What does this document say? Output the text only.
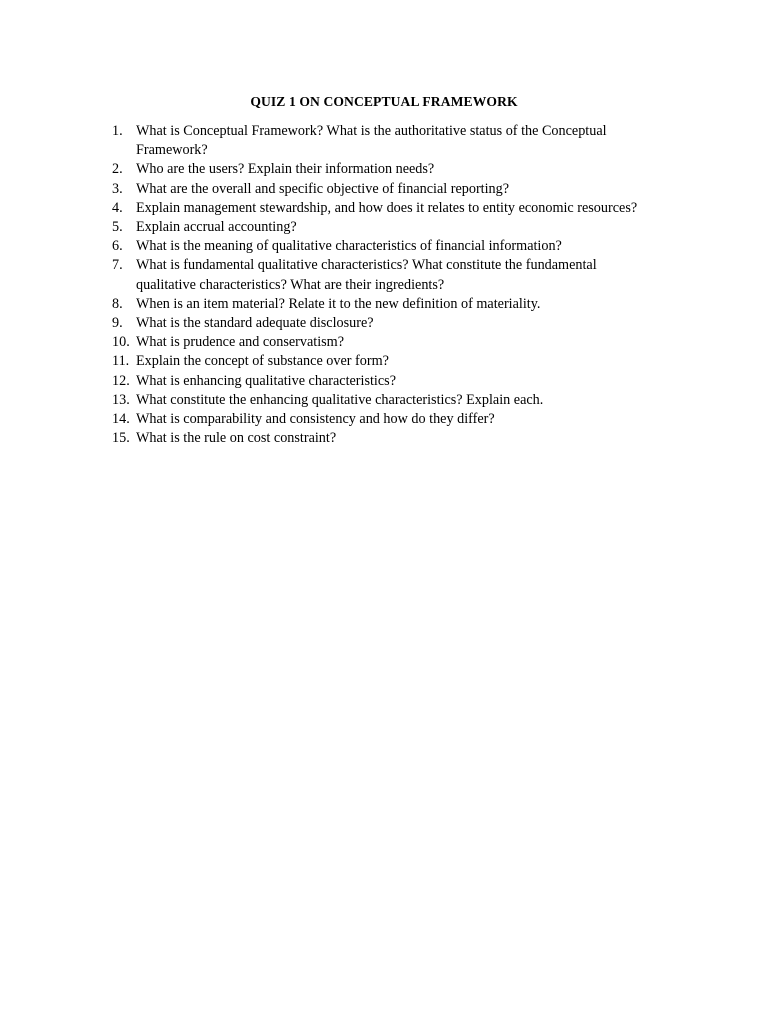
QUIZ 1 ON CONCEPTUAL FRAMEWORK
1. What is Conceptual Framework? What is the authoritative status of the Conceptual Framework?
2. Who are the users? Explain their information needs?
3. What are the overall and specific objective of financial reporting?
4. Explain management stewardship, and how does it relates to entity economic resources?
5. Explain accrual accounting?
6. What is the meaning of qualitative characteristics of financial information?
7. What is fundamental qualitative characteristics? What constitute the fundamental qualitative characteristics? What are their ingredients?
8. When is an item material? Relate it to the new definition of materiality.
9. What is the standard adequate disclosure?
10. What is prudence and conservatism?
11. Explain the concept of substance over form?
12. What is enhancing qualitative characteristics?
13. What constitute the enhancing qualitative characteristics? Explain each.
14. What is comparability and consistency and how do they differ?
15. What is the rule on cost constraint?
